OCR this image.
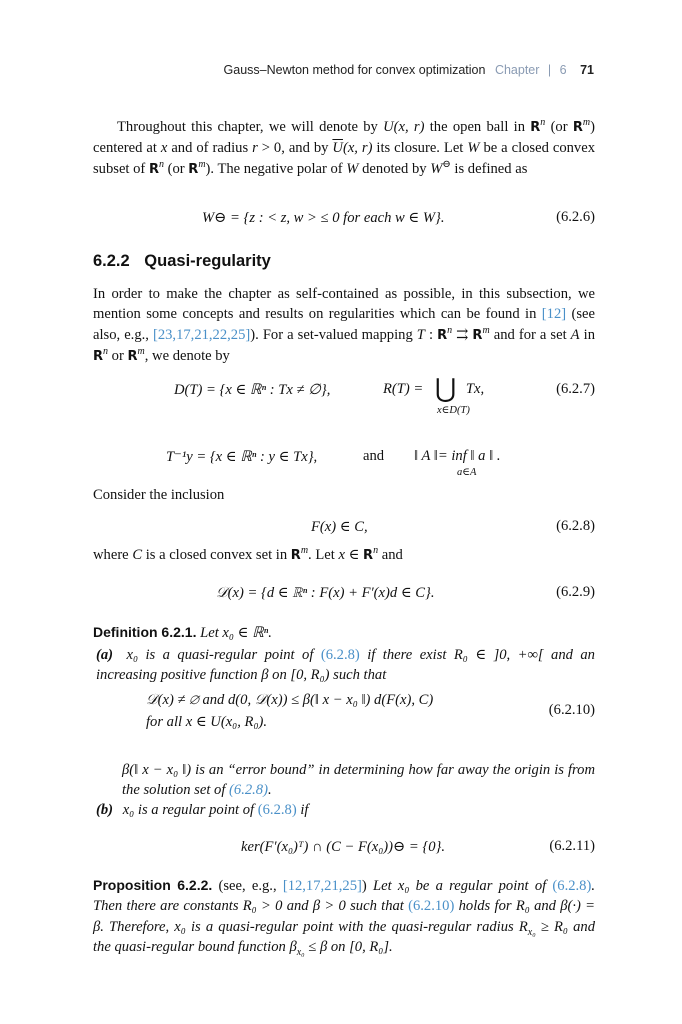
Gauss–Newton method for convex optimization Chapter | 6 71
Throughout this chapter, we will denote by U(x, r) the open ball in $R^n$ (or $R^m$) centered at x and of radius r > 0, and by $\overline{U}(x$, r) its closure. Let W be a closed convex subset of $R^n$ (or $R^m$). The negative polar of W denoted by W⊖ is defined as
W⊖ = {z : < z, w > ≤ 0 for each w ∈ W}.	(6.2.6)
6.2.2 Quasi-regularity
In order to make the chapter as self-contained as possible, in this subsection, we mention some concepts and results on regularities which can be found in [12] (see also, e.g., [23,17,21,22,25]). For a set-valued mapping T : $R^n$ ⇉ $R^m$ and for a set A in $R^n$ or $R^m$, we denote by
D(T) = {x ∈ ℝⁿ : Tx ≠ ∅},	R(T) = ⋃ Tx,
x∈D(T)
(6.2.7)
T⁻¹y = {x ∈ ℝⁿ : y ∈ Tx},	and ‖ A ‖= inf ‖ a ‖ .
a∈A
Consider the inclusion
F(x) ∈ C,	(6.2.8)
where C is a closed convex set in $R^m$. Let x ∈ $R^n$ and
𝒟(x) = {d ∈ ℝⁿ : F(x) + F′(x)d ∈ C}.	(6.2.9)
Definition 6.2.1. Let x₀ ∈ ℝⁿ.
(a) x₀ is a quasi-regular point of (6.2.8) if there exist R₀ ∈ ]0, +∞[ and an increasing positive function β on [0, R₀) such that
𝒟(x) ≠ ∅ and d(0, 𝒟(x)) ≤ β(‖ x − x₀ ‖) d(F(x), C)
for all x ∈ U(x₀, R₀).
(6.2.10)
β(‖ x − x₀ ‖) is an “error bound” in determining how far away the origin is from the solution set of (6.2.8).
(b) x₀ is a regular point of (6.2.8) if
ker(F′(x₀)ᵀ) ∩ (C − F(x₀))⊖ = {0}.	(6.2.11)
Proposition 6.2.2. (see, e.g., [12,17,21,25]) Let x₀ be a regular point of (6.2.8). Then there are constants R₀ > 0 and β > 0 such that (6.2.10) holds for R₀ and β(·) = β. Therefore, x₀ is a quasi-regular point with the quasi-regular radius $R_{x_0} \ge R_0$ and the quasi-regular bound function $\beta_{x_0} \le \beta$ on [0, R₀].
